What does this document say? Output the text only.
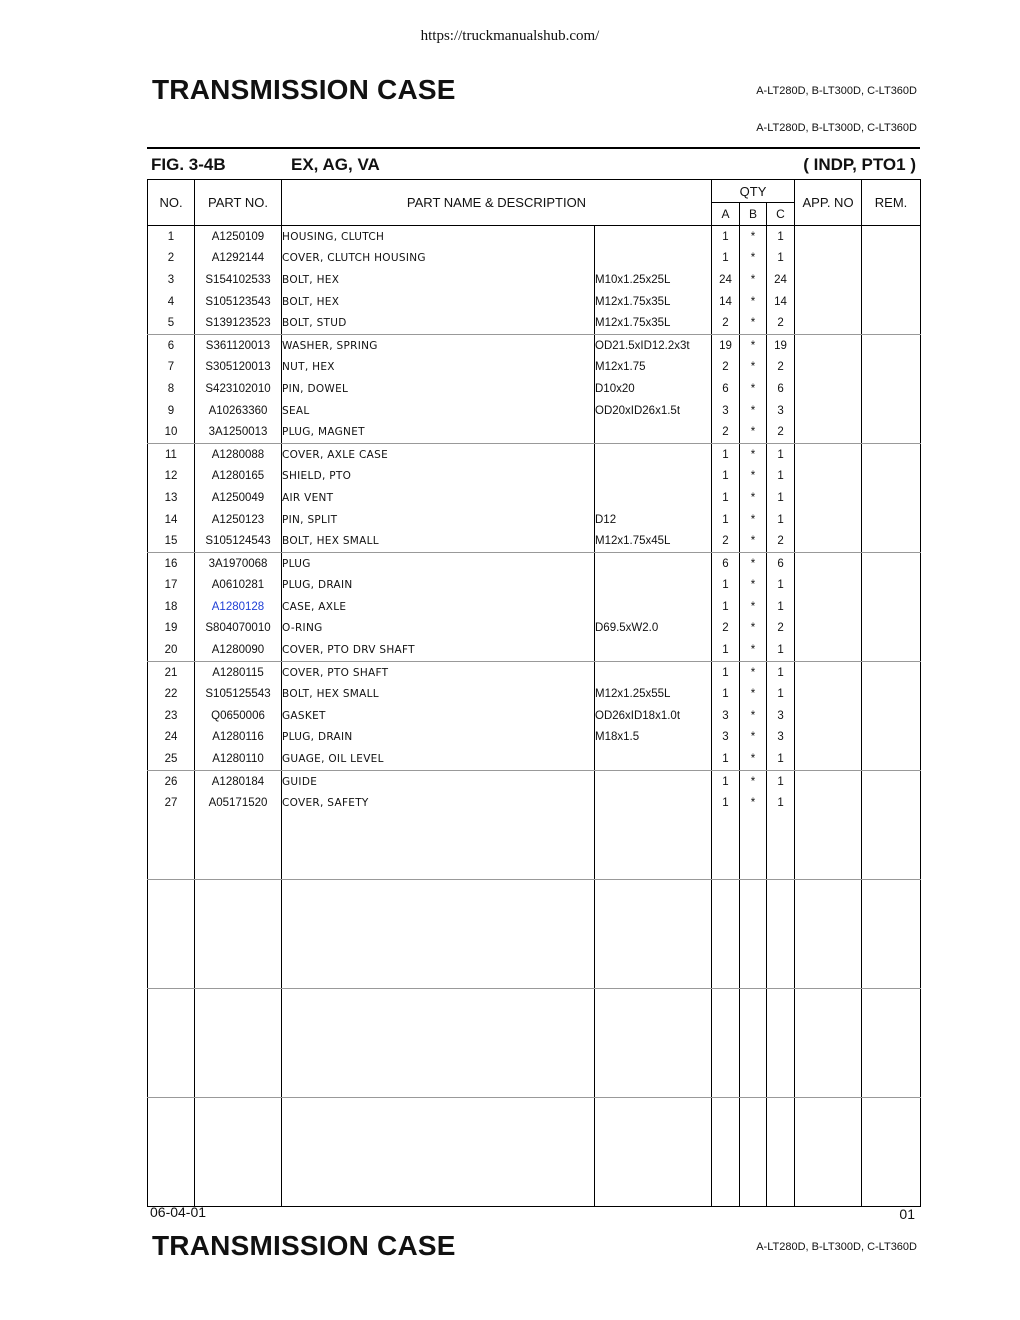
https://truckmanualshub.com/
TRANSMISSION CASE	A-LT280D, B-LT300D, C-LT360D
A-LT280D, B-LT300D, C-LT360D
FIG. 3-4B	EX, AG, VA	( INDP, PTO1 )
NO.	PART NO.	PART NAME & DESCRIPTION		QTY			APP. NO	REM.
				A	B	C		
1	A1250109	HOUSING, CLUTCH		1	*	1		
2	A1292144	COVER, CLUTCH HOUSING		1	*	1		
3	S154102533	BOLT, HEX	M10x1.25x25L	24	*	24		
4	S105123543	BOLT, HEX	M12x1.75x35L	14	*	14		
5	S139123523	BOLT, STUD	M12x1.75x35L	2	*	2		
6	S361120013	WASHER, SPRING	OD21.5xID12.2x3t	19	*	19		
7	S305120013	NUT, HEX	M12x1.75	2	*	2		
8	S423102010	PIN, DOWEL	D10x20	6	*	6		
9	A10263360	SEAL	OD20xID26x1.5t	3	*	3		
10	3A1250013	PLUG, MAGNET		2	*	2		
11	A1280088	COVER, AXLE CASE		1	*	1		
12	A1280165	SHIELD, PTO		1	*	1		
13	A1250049	AIR VENT		1	*	1		
14	A1250123	PIN, SPLIT	D12	1	*	1		
15	S105124543	BOLT, HEX SMALL	M12x1.75x45L	2	*	2		
16	3A1970068	PLUG		6	*	6		
17	A0610281	PLUG, DRAIN		1	*	1		
18	A1280128	CASE, AXLE		1	*	1		
19	S804070010	O-RING	D69.5xW2.0	2	*	2		
20	A1280090	COVER, PTO DRV SHAFT		1	*	1		
21	A1280115	COVER, PTO SHAFT		1	*	1		
22	S105125543	BOLT, HEX SMALL	M12x1.25x55L	1	*	1		
23	Q0650006	GASKET	OD26xID18x1.0t	3	*	3		
24	A1280116	PLUG, DRAIN	M18x1.5	3	*	3		
25	A1280110	GUAGE, OIL LEVEL		1	*	1		
26	A1280184	GUIDE		1	*	1		
27	A05171520	COVER, SAFETY		1	*	1		

06-04-01	01
TRANSMISSION CASE	A-LT280D, B-LT300D, C-LT360D
